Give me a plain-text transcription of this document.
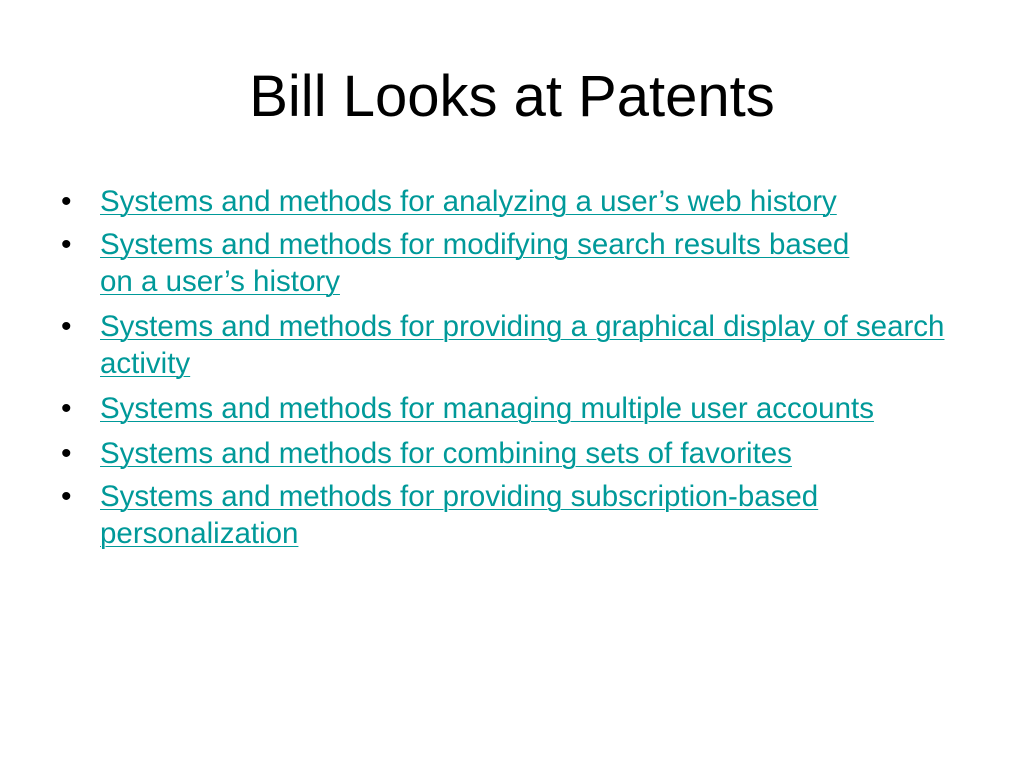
Bill Looks at Patents
• Systems and methods for analyzing a user’s web history
• Systems and methods for modifying search results based on a user’s history
• Systems and methods for providing a graphical display of search activity
• Systems and methods for managing multiple user accounts
• Systems and methods for combining sets of favorites
• Systems and methods for providing subscription-based personalization
